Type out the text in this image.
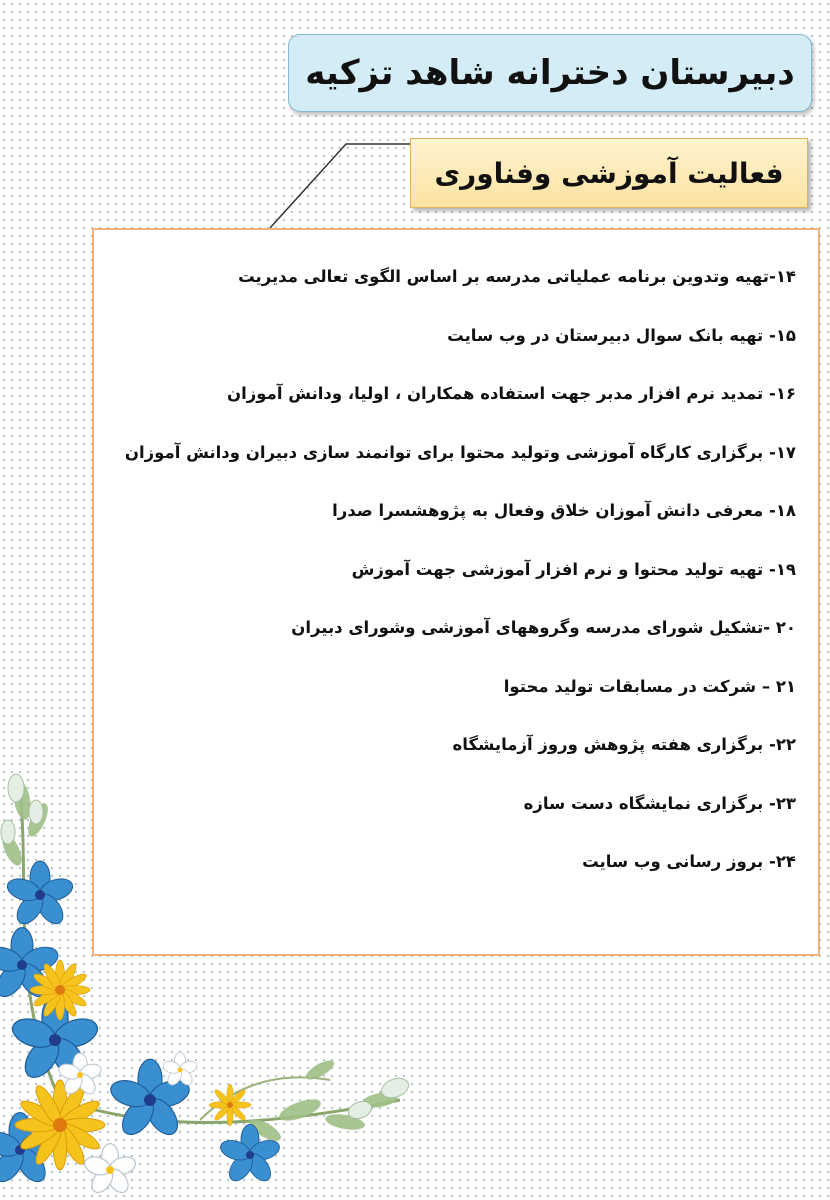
دبیرستان دخترانه شاهد تزکیه
فعالیت آموزشی وفناوری
۱۴-تهیه وتدوین برنامه عملیاتی مدرسه بر اساس الگوی تعالی مدیریت
۱۵- تهیه بانک سوال دبیرستان در وب سایت
۱۶- تمدید نرم افزار مدبر جهت استفاده همکاران ، اولیا، ودانش آموزان
۱۷- برگزاری کارگاه آموزشی وتولید محتوا برای توانمند سازی دبیران ودانش آموزان
۱۸- معرفی دانش آموزان خلاق وفعال به پژوهشسرا صدرا
۱۹- تهیه تولید محتوا و نرم افزار آموزشی جهت آموزش
۲۰ -تشکیل شورای مدرسه وگروههای آموزشی وشورای دبیران
۲۱ – شرکت در مسابقات تولید محتوا
۲۲- برگزاری هفته پژوهش وروز آزمایشگاه
۲۳- برگزاری نمایشگاه دست سازه
۲۴- بروز رسانی وب سایت
